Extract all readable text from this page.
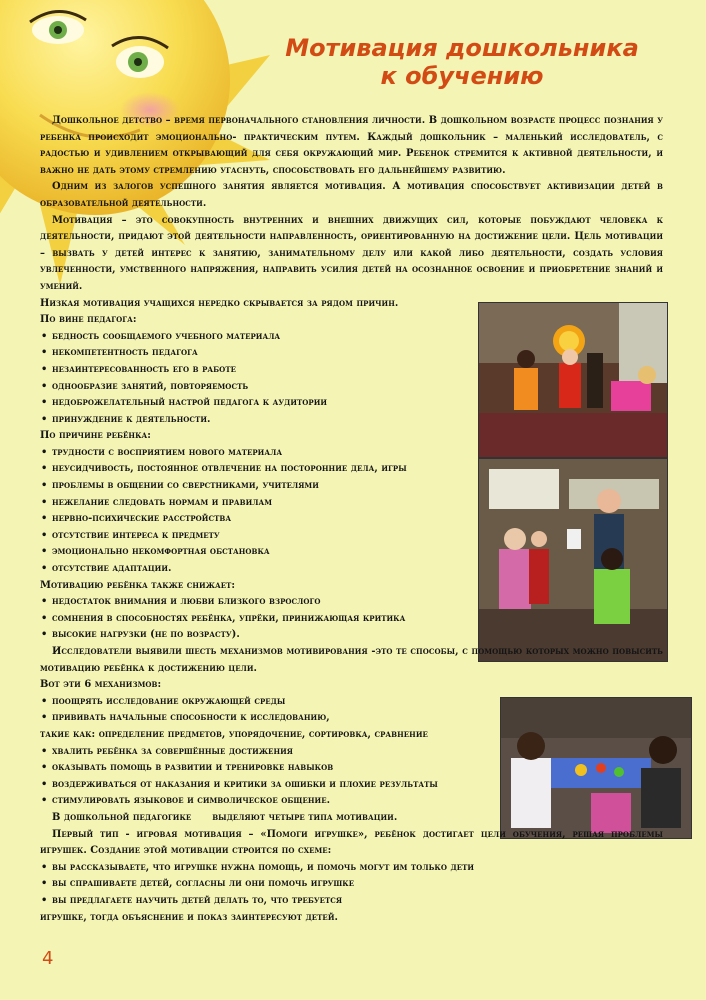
Мотивация дошкольника
к обучению

Дошкольное детство – время первоначального становления личности. В дошкольном возрасте процесс познания у ребенка происходит эмоционально- практическим путем. Каждый дошкольник – маленький исследователь, с радостью и удивлением открывающий для себя окружающий мир. Ребенок стремится к активной деятельности, и важно не дать этому стремлению угаснуть, способствовать его дальнейшему развитию.

Одним из залогов успешного занятия является мотивация. А мотивация способствует активизации детей в образовательной деятельности.

Мотивация – это совокупность внутренних и внешних движущих сил, которые побуждают человека к деятельности, придают этой деятельности направленность, ориентированную на достижение цели. Цель мотивации – вызвать у детей интерес к занятию, занимательному делу или какой либо деятельности, создать условия увлеченности, умственного напряжения, направить усилия детей на осознанное освоение и приобретение знаний и умений.

Низкая мотивация учащихся нередко скрывается за рядом причин.

По вине педагога:

• бедность сообщаемого учебного материала
• некомпетентность педагога
• незаинтересованность его в работе
• однообразие занятий, повторяемость
• недоброжелательный настрой педагога к аудитории
• принуждение к деятельности.

По причине ребёнка:

• трудности с восприятием нового материала
• неусидчивость, постоянное отвлечение на посторонние дела, игры
• проблемы в общении со сверстниками, учителями
• нежелание следовать нормам и правилам
• нервно-психические расстройства
• отсутствие интереса к предмету
• эмоционально некомфортная обстановка
• отсутствие адаптации.

Мотивацию ребёнка также снижает:

• недостаток внимания и любви близкого взрослого
• сомнения в способностях ребёнка, упрёки, принижающая критика
• высокие нагрузки (не по возрасту).

Исследователи выявили шесть механизмов мотивирования -это те способы, с помощью которых можно повысить мотивацию ребёнка к достижению цели.

Вот эти 6 механизмов:

• поощрять исследование окружающей среды
• прививать начальные способности к исследованию,

такие как: определение предметов, упорядочение, сортировка, сравнение

• хвалить ребёнка за совершённые достижения
• оказывать помощь в развитии и тренировке навыков
• воздерживаться от наказания и критики за ошибки и плохие результаты
• стимулировать языковое и символическое общение.

В дошкольной педагогике      выделяют четыре типа мотивации.

Первый тип - игровая мотивация – «Помоги игрушке», ребёнок достигает цели обучения, решая проблемы игрушек. Создание этой мотивации строится по схеме:

• вы рассказываете, что игрушке нужна помощь, и помочь могут им только дети
• вы спрашиваете детей, согласны ли они помочь игрушке
• вы предлагаете научить детей делать то, что требуется

игрушке, тогда объяснение и показ заинтересуют детей.

4
